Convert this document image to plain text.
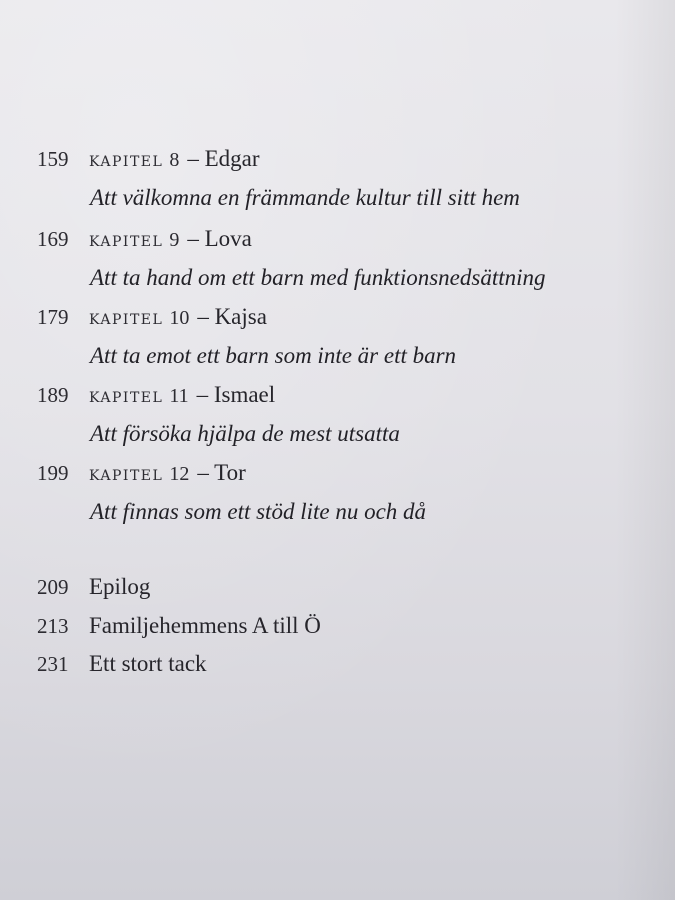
159 KAPITEL 8 – Edgar
Att välkomna en främmande kultur till sitt hem
169 KAPITEL 9 – Lova
Att ta hand om ett barn med funktionsnedsättning
179 KAPITEL 10 – Kajsa
Att ta emot ett barn som inte är ett barn
189 KAPITEL 11 – Ismael
Att försöka hjälpa de mest utsatta
199 KAPITEL 12 – Tor
Att finnas som ett stöd lite nu och då
209 Epilog
213 Familjehemmens A till Ö
231 Ett stort tack
